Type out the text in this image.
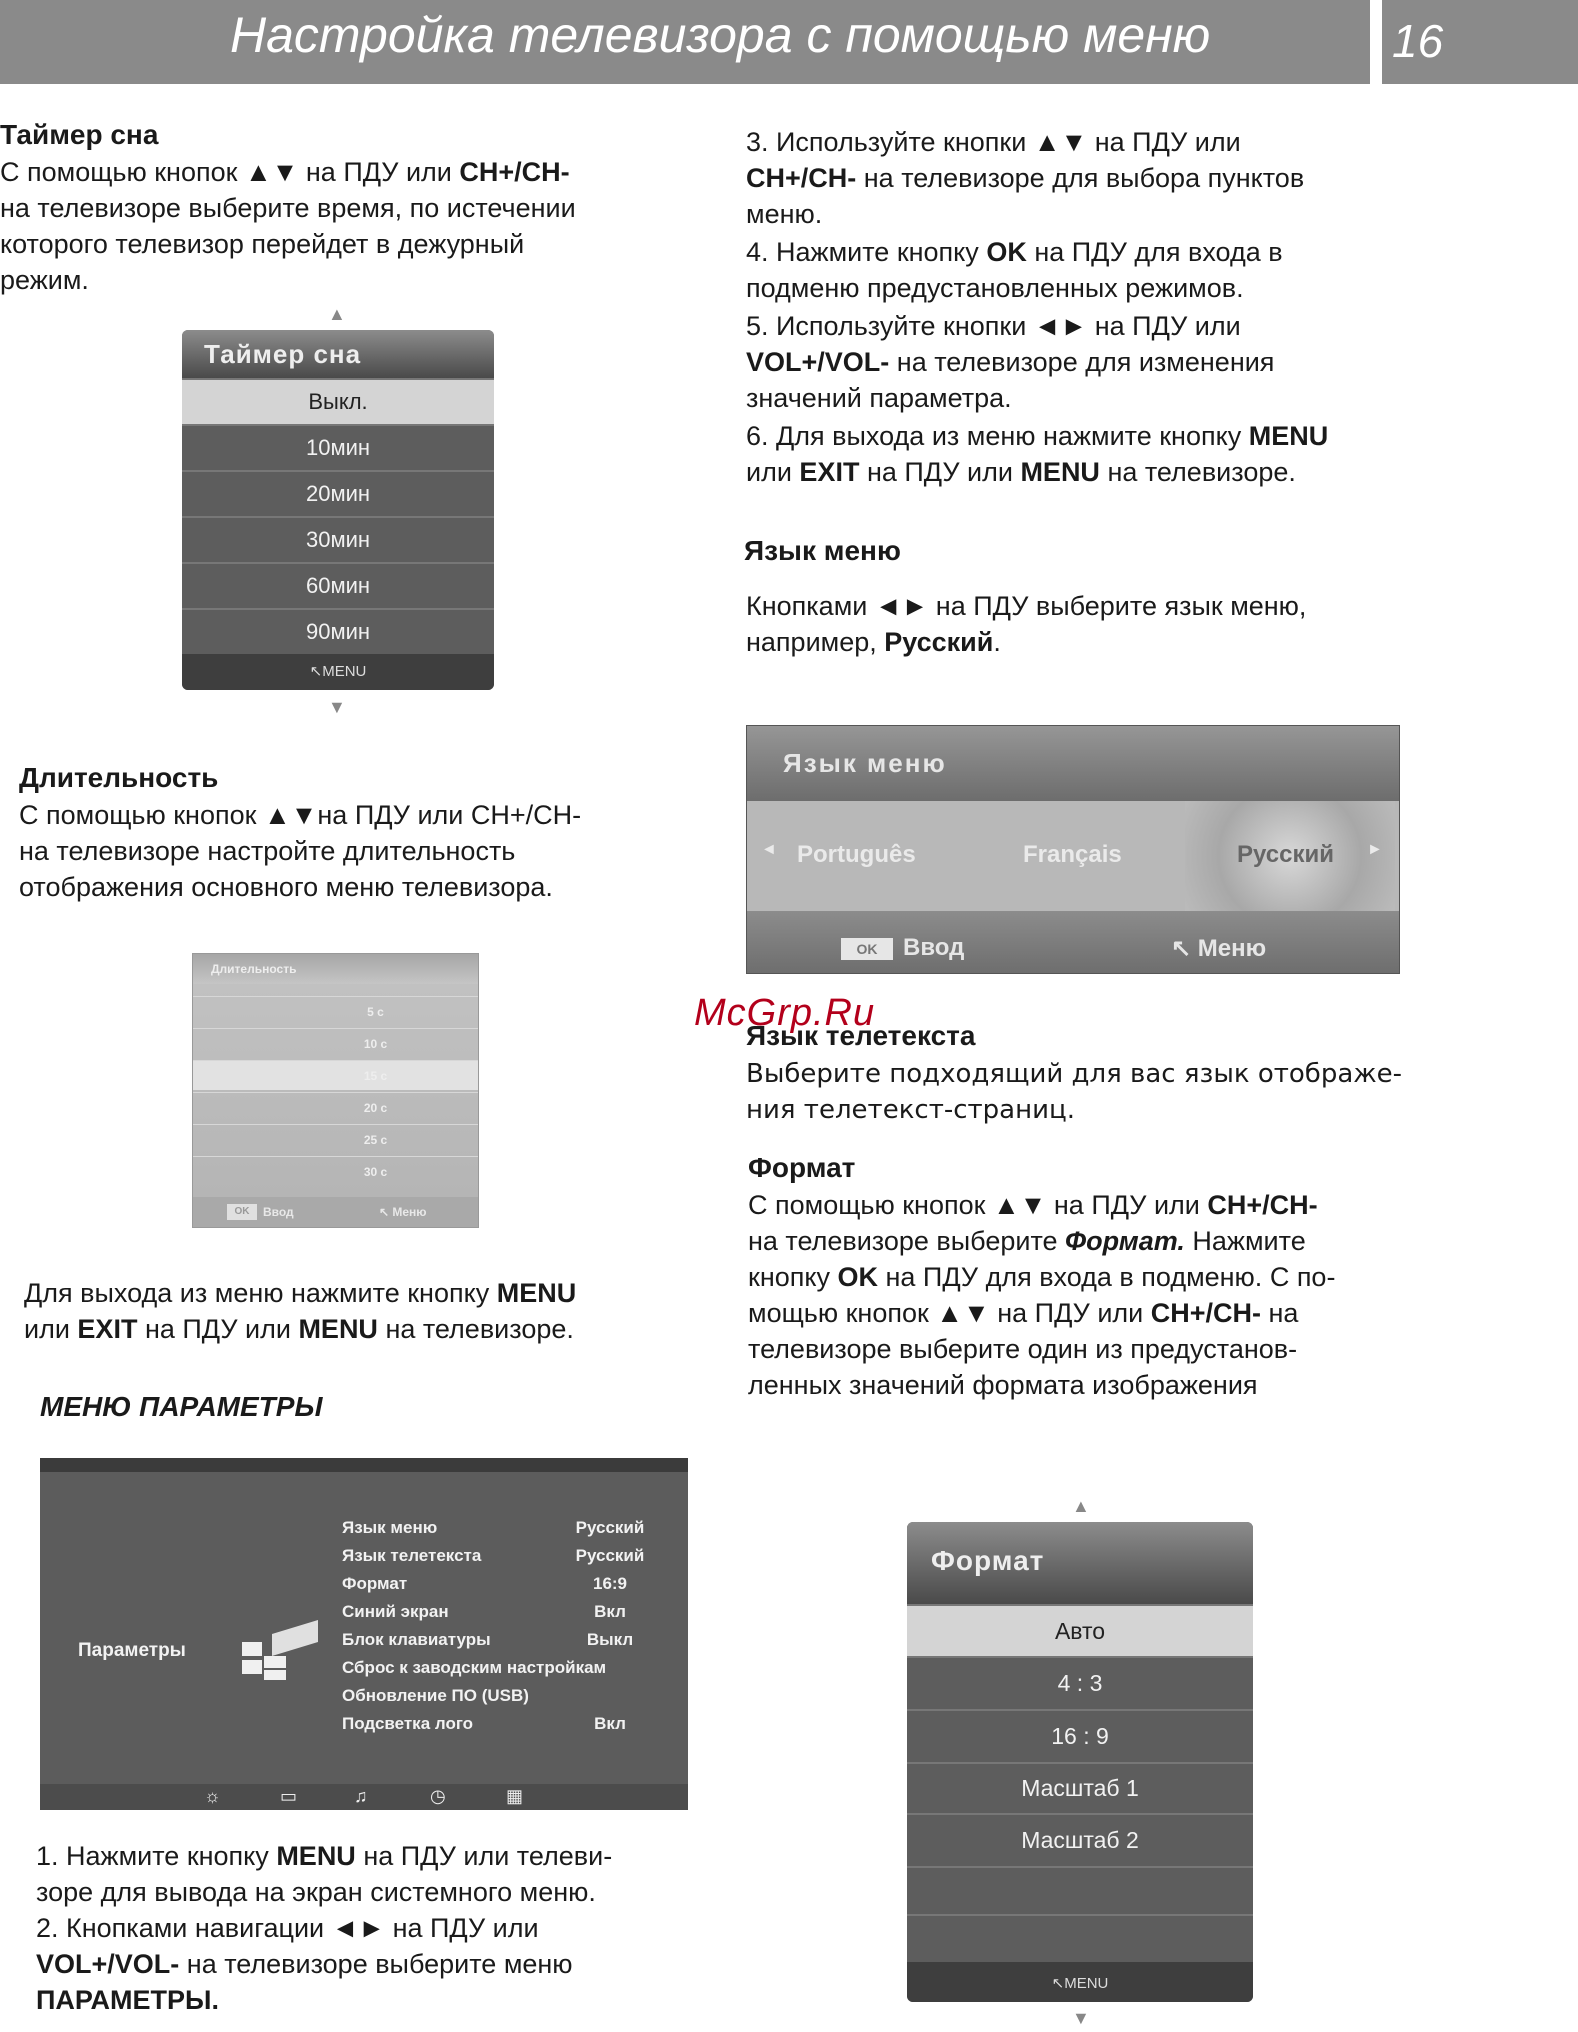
Настройка телевизора с помощью меню	16
Таймер сна
С помощью кнопок ▲▼ на ПДУ или CH+/CH-
на телевизоре выберите время, по истечении
которого телевизор перейдет в дежурный
режим.
▲
Таймер сна
Выкл.
10мин
20мин
30мин
60мин
90мин
↖MENU
▼
Длительность
С помощью кнопок ▲▼на ПДУ или СН+/СН-
на телевизоре настройте длительность
отображения основного меню телевизора.
Длительность
5 с
10 с
15 с
20 с
25 с
30 с
OK	Ввод	↖ Меню
Для выхода из меню нажмите кнопку MENU
или EXIT на ПДУ или MENU на телевизоре.
МЕНЮ ПАРАМЕТРЫ
Параметры
Язык меню	Русский
Язык телетекста	Русский
Формат	16:9
Синий экран	Вкл
Блок клавиатуры	Выкл
Сброс к заводским настройкам
Обновление ПО (USB)
Подсветка лого	Вкл
☼	▭	♫	◷	▦
1. Нажмите кнопку MENU на ПДУ или телеви-
зоре для вывода на экран системного меню.
2. Кнопками навигации ◄► на ПДУ или
VOL+/VOL- на телевизоре выберите меню
ПАРАМЕТРЫ.
3. Используйте кнопки ▲▼ на ПДУ или
CH+/CH- на телевизоре для выбора пунктов
меню.
4. Нажмите кнопку OK на ПДУ для входа в
подменю предустановленных режимов.
5. Используйте кнопки ◄► на ПДУ или
VOL+/VOL- на телевизоре для изменения
значений параметра.
6. Для выхода из меню нажмите кнопку MENU
или EXIT на ПДУ или MENU на телевизоре.
Язык меню
Кнопками ◄► на ПДУ выберите язык меню,
например, Русский.
Язык меню
◄ Português	Français	Русский ►
OK	Ввод	↖ Меню
McGrp.Ru
Язык телетекста
Выберите подходящий для вас язык отображе-
ния телетекст-страниц.
Формат
С помощью кнопок ▲▼ на ПДУ или CH+/CH-
на телевизоре выберите Формат. Нажмите
кнопку OK на ПДУ для входа в подменю. С по-
мощью кнопок ▲▼ на ПДУ или CH+/CH- на
телевизоре выберите один из предустанов-
ленных значений формата изображения
▲
Формат
Авто
4 : 3
16 : 9
Масштаб 1
Масштаб 2
↖MENU
▼
